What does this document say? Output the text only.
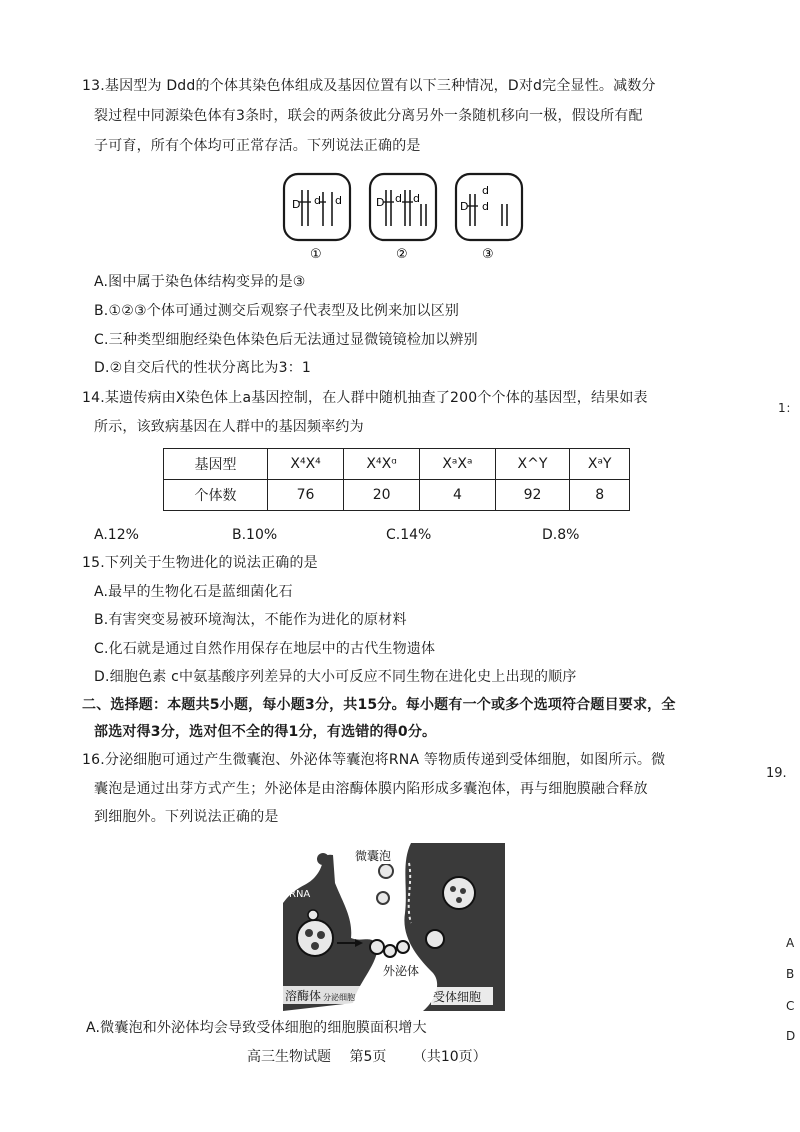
13.基因型为 Ddd的个体其染色体组成及基因位置有以下三种情况，D对d完全显性。减数分
裂过程中同源染色体有3条时，联会的两条彼此分离另外一条随机移向一极，假设所有配
子可育，所有个体均可正常存活。下列说法正确的是
D d d
①
D d d
②
D
d
d
③
A.图中属于染色体结构变异的是③
B.①②③个体可通过测交后观察子代表型及比例来加以区别
C.三种类型细胞经染色体染色后无法通过显微镜镜检加以辨别
D.②自交后代的性状分离比为3：1
14.某遗传病由X染色体上a基因控制，在人群中随机抽查了200个个体的基因型，结果如表
所示，该致病基因在人群中的基因频率约为
基因型	X⁴X⁴	X⁴Xᵅ	XᵃXᵃ	X^Y	XᵃY
个体数	76	20	4	92	8
A.12%	B.10%	C.14%	D.8%
15.下列关于生物进化的说法正确的是
A.最早的生物化石是蓝细菌化石
B.有害突变易被环境淘汰，不能作为进化的原材料
C.化石就是通过自然作用保存在地层中的古代生物遗体
D.细胞色素 c中氨基酸序列差异的大小可反应不同生物在进化史上出现的顺序
二、选择题：本题共5小题，每小题3分，共15分。每小题有一个或多个选项符合题目要求，全
部选对得3分，选对但不全的得1分，有选错的得0分。
16.分泌细胞可通过产生微囊泡、外泌体等囊泡将RNA 等物质传递到受体细胞，如图所示。微
囊泡是通过出芽方式产生；外泌体是由溶酶体膜内陷形成多囊泡体，再与细胞膜融合释放
到细胞外。下列说法正确的是
微囊泡
RNA
外泌体
溶酶体 分泌细胞	受体细胞
A.微囊泡和外泌体均会导致受体细胞的细胞膜面积增大
高三生物试题 第5页 （共10页）
1：
19.
A
B
C
D
